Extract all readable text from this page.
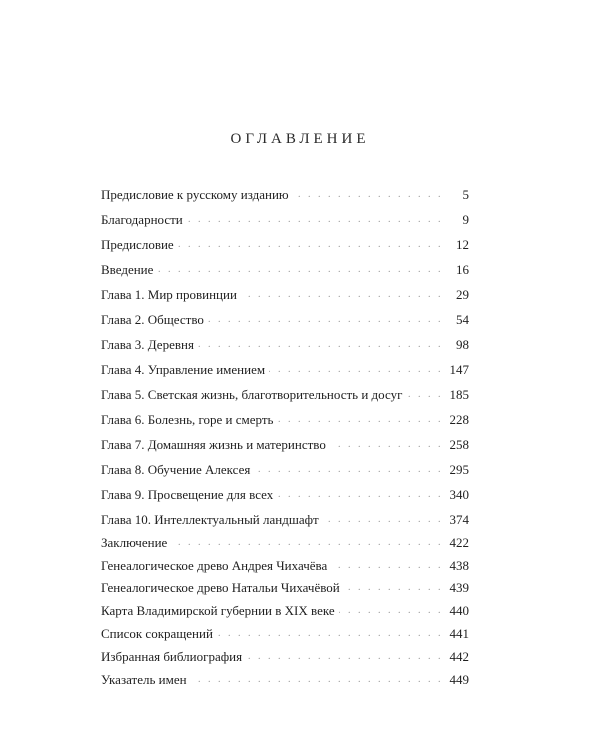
ОГЛАВЛЕНИЕ
Предисловие к русскому изданию . . .	5
Благодарности . . .	9
Предисловие . . .	12
Введение . . .	16
Глава 1. Мир провинции . . .	29
Глава 2. Общество . . .	54
Глава 3. Деревня . . .	98
Глава 4. Управление имением . . .	147
Глава 5. Светская жизнь, благотворительность и досуг . . .	185
Глава 6. Болезнь, горе и смерть . . .	228
Глава 7. Домашняя жизнь и материнство . . .	258
Глава 8. Обучение Алексея . . .	295
Глава 9. Просвещение для всех . . .	340
Глава 10. Интеллектуальный ландшафт . . .	374
Заключение . . .	422
Генеалогическое древо Андрея Чихачёва . . .	438
Генеалогическое древо Натальи Чихачёвой . . .	439
Карта Владимирской губернии в XIX веке . . .	440
Список сокращений . . .	441
Избранная библиография . . .	442
Указатель имен . . .	449
